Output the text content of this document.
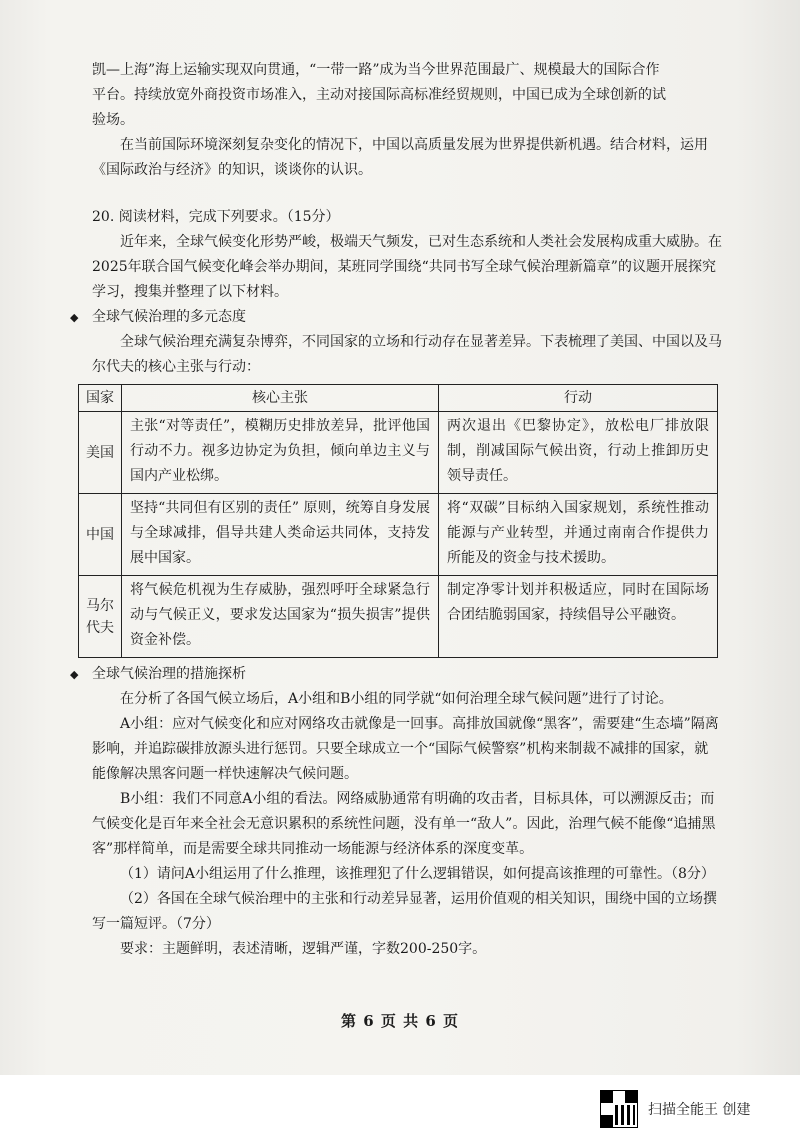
凯—上海”海上运输实现双向贯通，“一带一路”成为当今世界范围最广、规模最大的国际合作

平台。持续放宽外商投资市场准入，主动对接国际高标准经贸规则，中国已成为全球创新的试

验场。

在当前国际环境深刻复杂变化的情况下，中国以高质量发展为世界提供新机遇。结合材料，运用《国际政治与经济》的知识，谈谈你的认识。

20. 阅读材料，完成下列要求。（15分）

近年来，全球气候变化形势严峻，极端天气频发，已对生态系统和人类社会发展构成重大威胁。在2025年联合国气候变化峰会举办期间，某班同学围绕“共同书写全球气候治理新篇章”的议题开展探究学习，搜集并整理了以下材料。

◆ 全球气候治理的多元态度

全球气候治理充满复杂博弈，不同国家的立场和行动存在显著差异。下表梳理了美国、中国以及马尔代夫的核心主张与行动：

国家	核心主张	行动
美国	主张“对等责任”，模糊历史排放差异，批评他国行动不力。视多边协定为负担，倾向单边主义与国内产业松绑。	两次退出《巴黎协定》，放松电厂排放限制，削减国际气候出资，行动上推卸历史领导责任。
中国	坚持“共同但有区别的责任” 原则，统筹自身发展与全球减排，倡导共建人类命运共同体，支持发展中国家。	将“双碳”目标纳入国家规划，系统性推动能源与产业转型，并通过南南合作提供力所能及的资金与技术援助。
马尔代夫	将气候危机视为生存威胁，强烈呼吁全球紧急行动与气候正义，要求发达国家为“损失损害”提供资金补偿。	制定净零计划并积极适应，同时在国际场合团结脆弱国家，持续倡导公平融资。
◆ 全球气候治理的措施探析

在分析了各国气候立场后，A小组和B小组的同学就“如何治理全球气候问题”进行了讨论。

A小组：应对气候变化和应对网络攻击就像是一回事。高排放国就像“黑客”，需要建“生态墙”隔离影响，并追踪碳排放源头进行惩罚。只要全球成立一个“国际气候警察”机构来制裁不减排的国家，就能像解决黑客问题一样快速解决气候问题。

B小组：我们不同意A小组的看法。网络威胁通常有明确的攻击者，目标具体，可以溯源反击；而气候变化是百年来全社会无意识累积的系统性问题，没有单一“敌人”。因此，治理气候不能像“追捕黑客”那样简单，而是需要全球共同推动一场能源与经济体系的深度变革。

（1）请问A小组运用了什么推理，该推理犯了什么逻辑错误，如何提高该推理的可靠性。（8分）

（2）各国在全球气候治理中的主张和行动差异显著，运用价值观的相关知识，围绕中国的立场撰写一篇短评。（7分）

要求：主题鲜明，表述清晰，逻辑严谨，字数200-250字。

第 6 页 共 6 页
扫描全能王 创建
